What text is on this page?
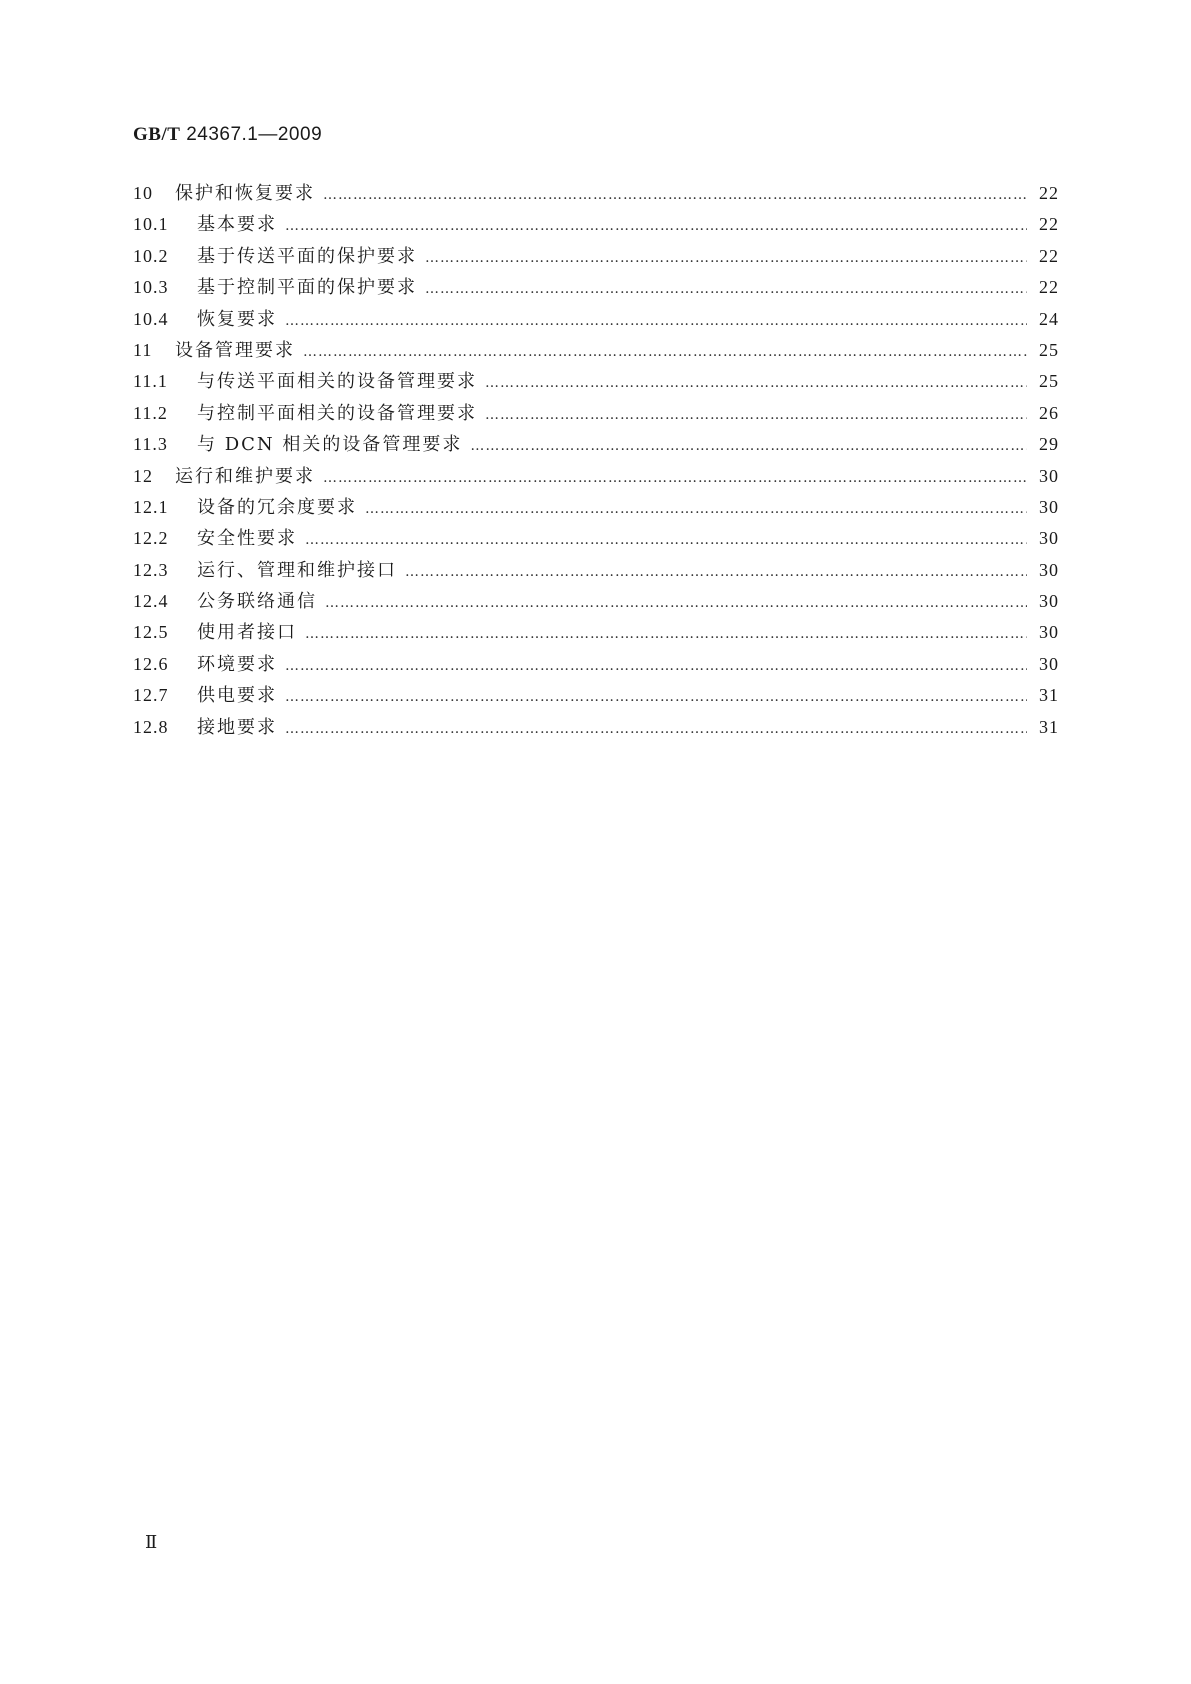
GB/T 24367.1—2009
10	保护和恢复要求 …………………………………………………………………………………………………………………………………………………………………………………………………………………………	22
10.1	基本要求 …………………………………………………………………………………………………………………………………………………………………………………………………………………………	22
10.2	基于传送平面的保护要求 …………………………………………………………………………………………………………………………………………………………………………………………………………………………	22
10.3	基于控制平面的保护要求 …………………………………………………………………………………………………………………………………………………………………………………………………………………………	22
10.4	恢复要求 …………………………………………………………………………………………………………………………………………………………………………………………………………………………	24
11	设备管理要求 …………………………………………………………………………………………………………………………………………………………………………………………………………………………	25
11.1	与传送平面相关的设备管理要求 …………………………………………………………………………………………………………………………………………………………………………………………………………………………	25
11.2	与控制平面相关的设备管理要求 …………………………………………………………………………………………………………………………………………………………………………………………………………………………	26
11.3	与 DCN 相关的设备管理要求 …………………………………………………………………………………………………………………………………………………………………………………………………………………………	29
12	运行和维护要求 …………………………………………………………………………………………………………………………………………………………………………………………………………………………	30
12.1	设备的冗余度要求 …………………………………………………………………………………………………………………………………………………………………………………………………………………………	30
12.2	安全性要求 …………………………………………………………………………………………………………………………………………………………………………………………………………………………	30
12.3	运行、管理和维护接口 …………………………………………………………………………………………………………………………………………………………………………………………………………………………	30
12.4	公务联络通信 …………………………………………………………………………………………………………………………………………………………………………………………………………………………	30
12.5	使用者接口 …………………………………………………………………………………………………………………………………………………………………………………………………………………………	30
12.6	环境要求 …………………………………………………………………………………………………………………………………………………………………………………………………………………………	30
12.7	供电要求 …………………………………………………………………………………………………………………………………………………………………………………………………………………………	31
12.8	接地要求 …………………………………………………………………………………………………………………………………………………………………………………………………………………………	31
Ⅱ
